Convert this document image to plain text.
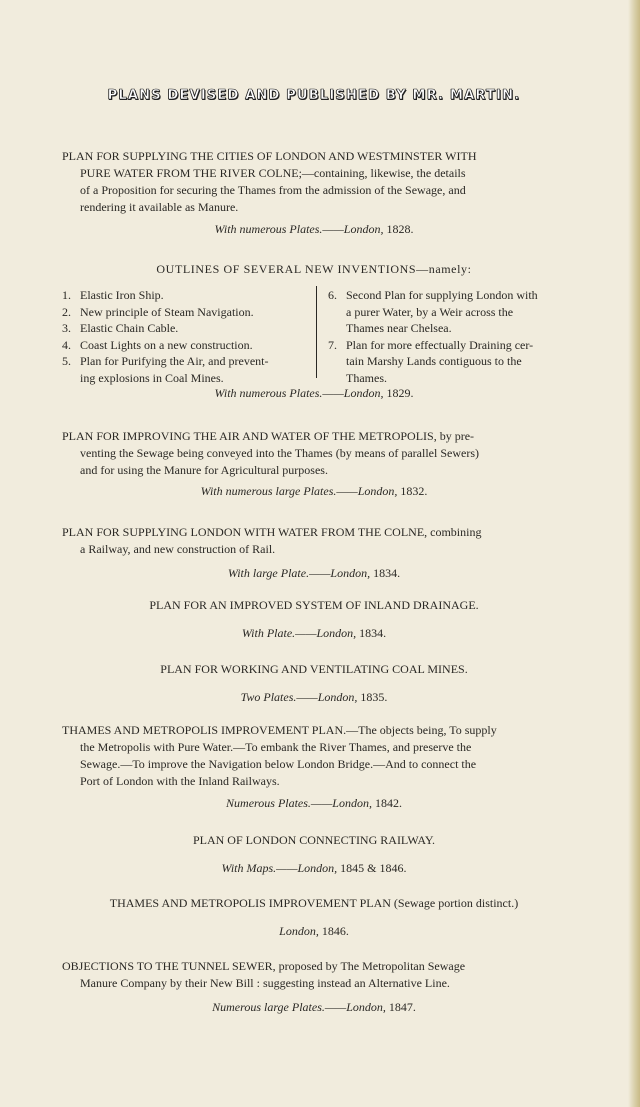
PLANS DEVISED AND PUBLISHED BY MR. MARTIN.
PLAN FOR SUPPLYING THE CITIES OF LONDON AND WESTMINSTER WITH
PURE WATER FROM THE RIVER COLNE;—containing, likewise, the details
of a Proposition for securing the Thames from the admission of the Sewage, and
rendering it available as Manure.
With numerous Plates.——London, 1828.
OUTLINES OF SEVERAL NEW INVENTIONS—namely:
1. Elastic Iron Ship.
2. New principle of Steam Navigation.
3. Elastic Chain Cable.
4. Coast Lights on a new construction.
5. Plan for Purifying the Air, and prevent-
ing explosions in Coal Mines.
6. Second Plan for supplying London with
a purer Water, by a Weir across the
Thames near Chelsea.
7. Plan for more effectually Draining cer-
tain Marshy Lands contiguous to the
Thames.
With numerous Plates.——London, 1829.
PLAN FOR IMPROVING THE AIR AND WATER OF THE METROPOLIS, by pre-
venting the Sewage being conveyed into the Thames (by means of parallel Sewers)
and for using the Manure for Agricultural purposes.
With numerous large Plates.——London, 1832.
PLAN FOR SUPPLYING LONDON WITH WATER FROM THE COLNE, combining
a Railway, and new construction of Rail.
With large Plate.——London, 1834.
PLAN FOR AN IMPROVED SYSTEM OF INLAND DRAINAGE.
With Plate.——London, 1834.
PLAN FOR WORKING AND VENTILATING COAL MINES.
Two Plates.——London, 1835.
THAMES AND METROPOLIS IMPROVEMENT PLAN.—The objects being, To supply
the Metropolis with Pure Water.—To embank the River Thames, and preserve the
Sewage.—To improve the Navigation below London Bridge.—And to connect the
Port of London with the Inland Railways.
Numerous Plates.——London, 1842.
PLAN OF LONDON CONNECTING RAILWAY.
With Maps.——London, 1845 & 1846.
THAMES AND METROPOLIS IMPROVEMENT PLAN (Sewage portion distinct.)
London, 1846.
OBJECTIONS TO THE TUNNEL SEWER, proposed by The Metropolitan Sewage
Manure Company by their New Bill : suggesting instead an Alternative Line.
Numerous large Plates.——London, 1847.
